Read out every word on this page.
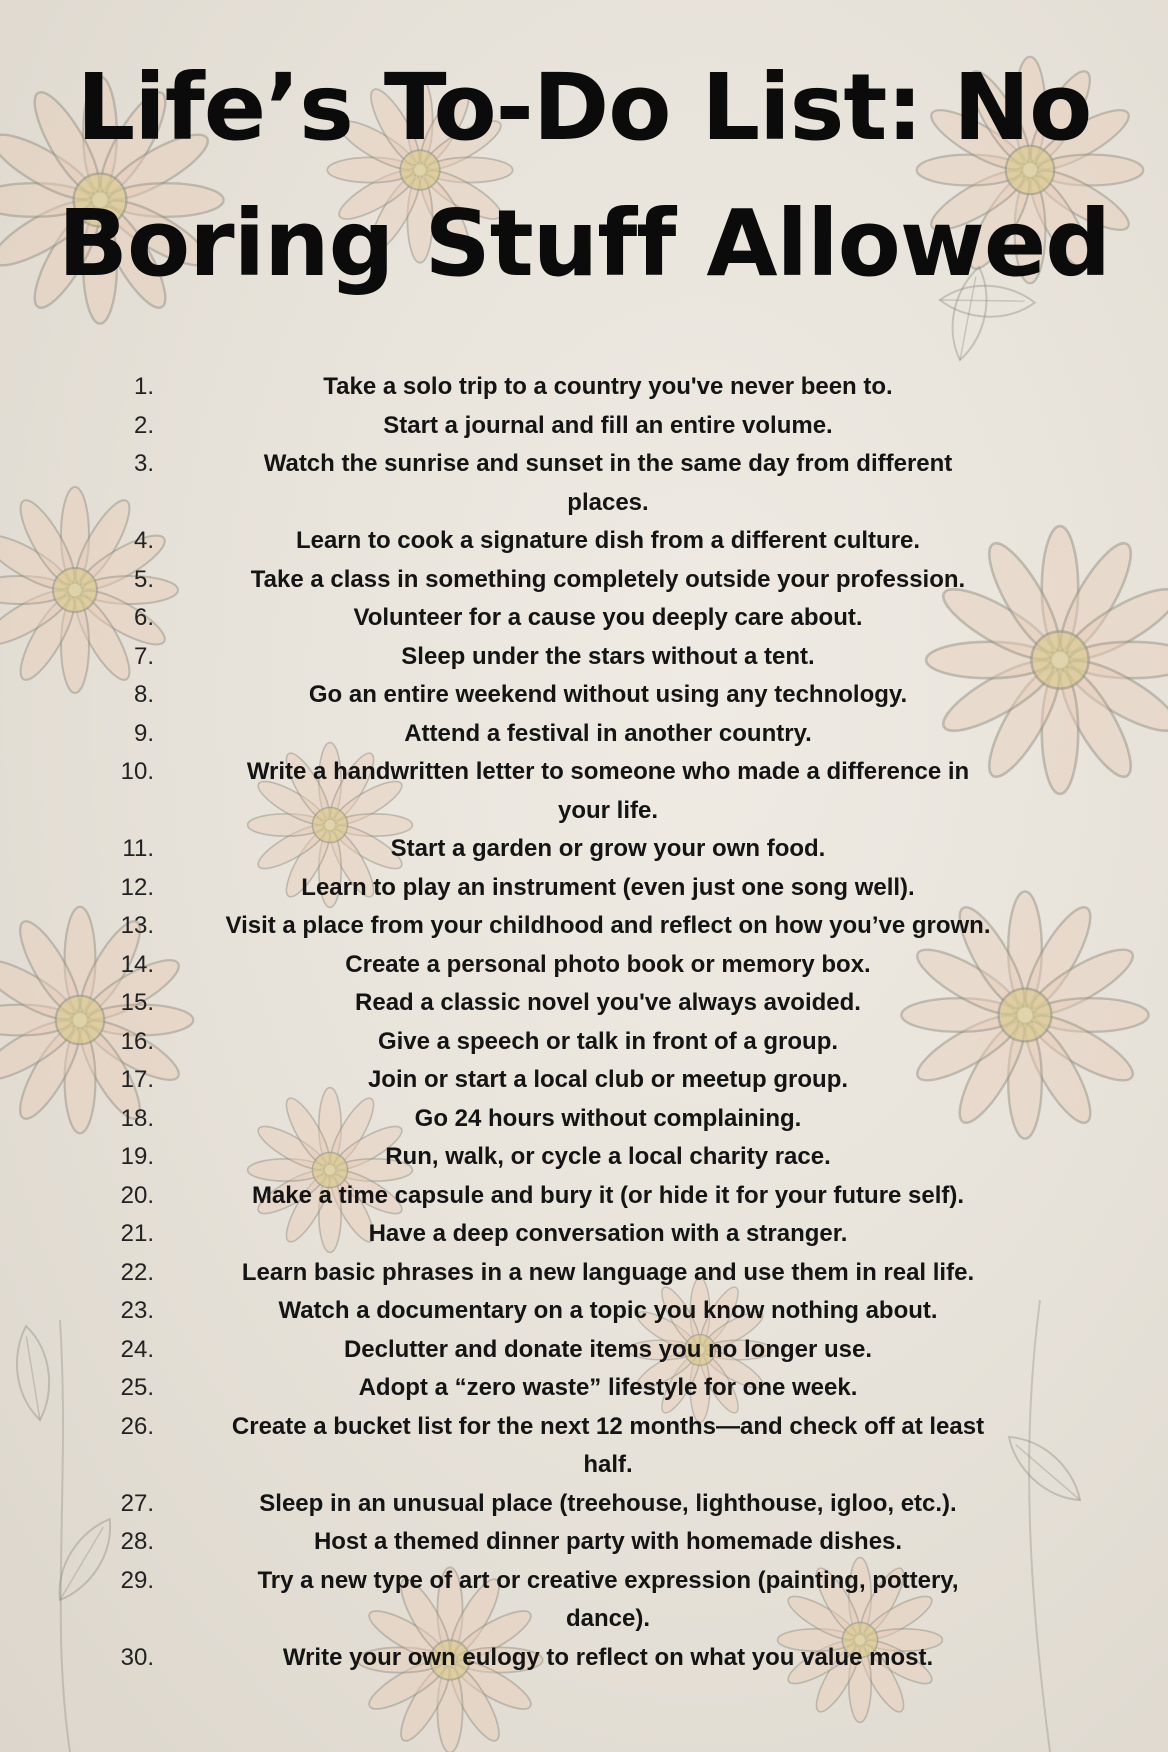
Life’s To-Do List: No
Boring Stuff Allowed
1.	Take a solo trip to a country you've never been to.
2.	Start a journal and fill an entire volume.
3.	Watch the sunrise and sunset in the same day from different
places.
4.	Learn to cook a signature dish from a different culture.
5.	Take a class in something completely outside your profession.
6.	Volunteer for a cause you deeply care about.
7.	Sleep under the stars without a tent.
8.	Go an entire weekend without using any technology.
9.	Attend a festival in another country.
10.	Write a handwritten letter to someone who made a difference in
your life.
11.	Start a garden or grow your own food.
12.	Learn to play an instrument (even just one song well).
13.	Visit a place from your childhood and reflect on how you’ve grown.
14.	Create a personal photo book or memory box.
15.	Read a classic novel you've always avoided.
16.	Give a speech or talk in front of a group.
17.	Join or start a local club or meetup group.
18.	Go 24 hours without complaining.
19.	Run, walk, or cycle a local charity race.
20.	Make a time capsule and bury it (or hide it for your future self).
21.	Have a deep conversation with a stranger.
22.	Learn basic phrases in a new language and use them in real life.
23.	Watch a documentary on a topic you know nothing about.
24.	Declutter and donate items you no longer use.
25.	Adopt a “zero waste” lifestyle for one week.
26.	Create a bucket list for the next 12 months—and check off at least
half.
27.	Sleep in an unusual place (treehouse, lighthouse, igloo, etc.).
28.	Host a themed dinner party with homemade dishes.
29.	Try a new type of art or creative expression (painting, pottery,
dance).
30.	Write your own eulogy to reflect on what you value most.
